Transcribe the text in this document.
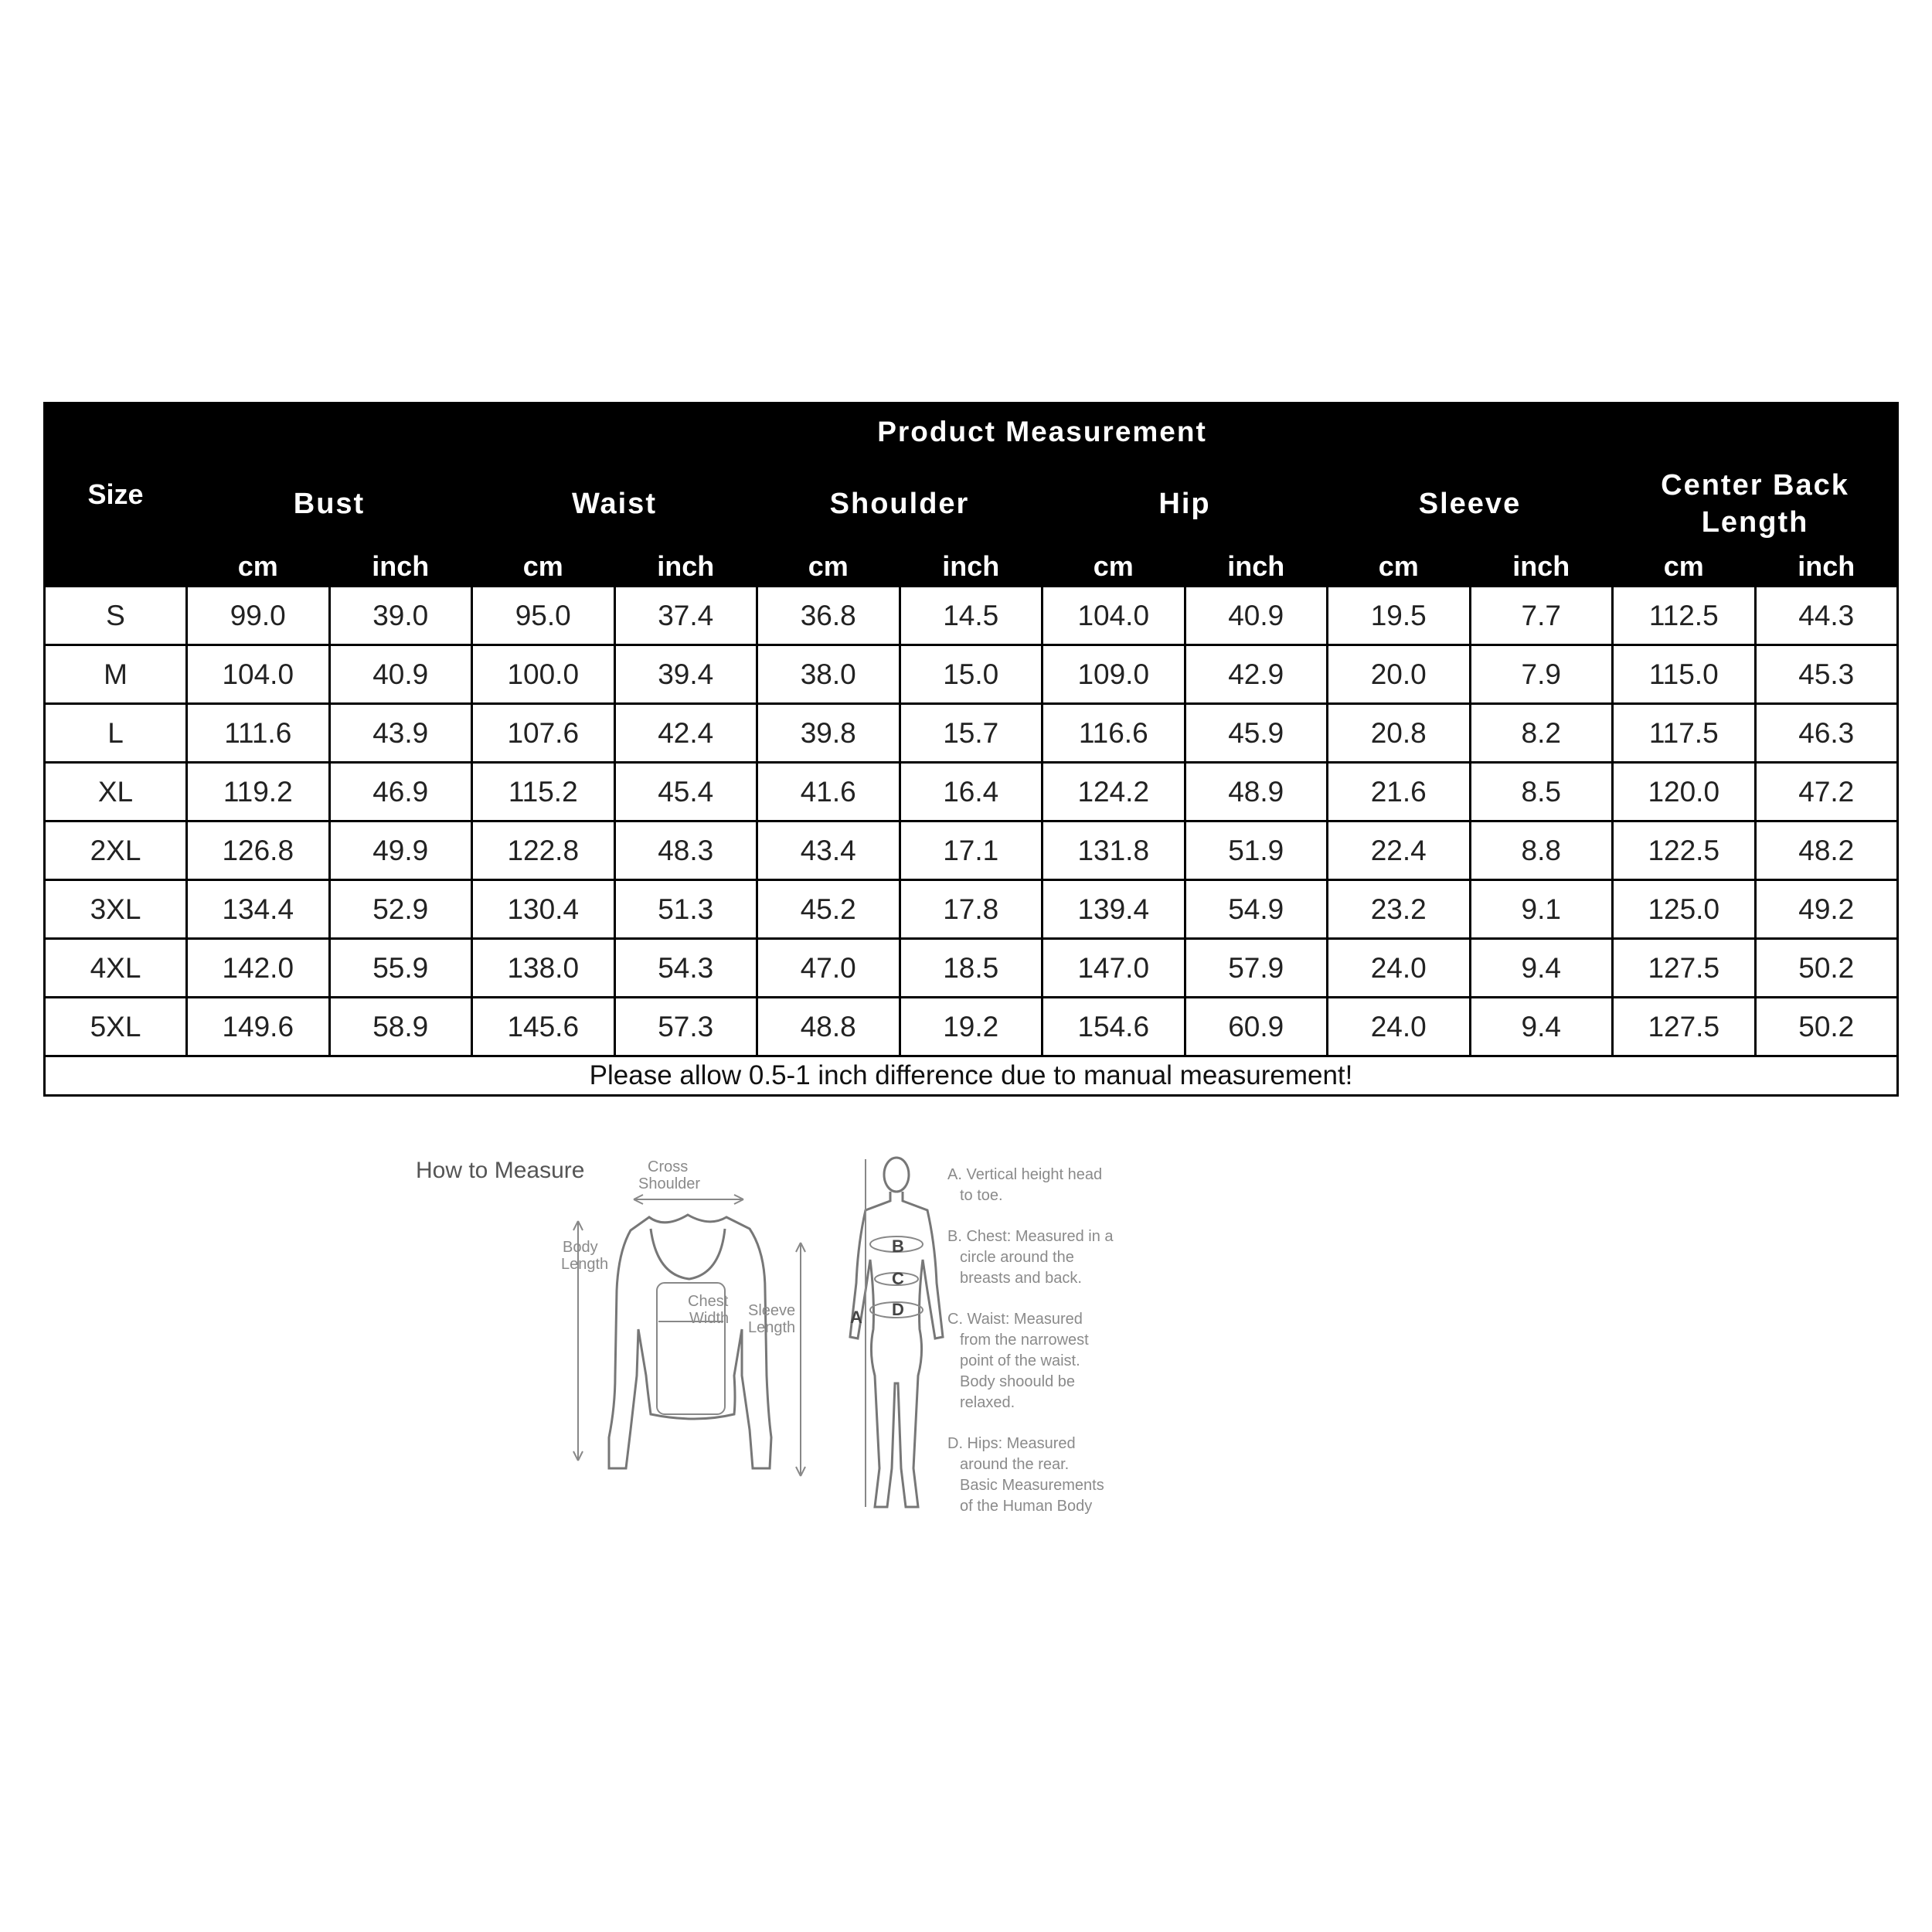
Size	Product Measurement											
	Bust		Waist		Shoulder		Hip		Sleeve		Center Back Length	
	cm	inch	cm	inch	cm	inch	cm	inch	cm	inch	cm	inch
S	99.0	39.0	95.0	37.4	36.8	14.5	104.0	40.9	19.5	7.7	112.5	44.3
M	104.0	40.9	100.0	39.4	38.0	15.0	109.0	42.9	20.0	7.9	115.0	45.3
L	111.6	43.9	107.6	42.4	39.8	15.7	116.6	45.9	20.8	8.2	117.5	46.3
XL	119.2	46.9	115.2	45.4	41.6	16.4	124.2	48.9	21.6	8.5	120.0	47.2
2XL	126.8	49.9	122.8	48.3	43.4	17.1	131.8	51.9	22.4	8.8	122.5	48.2
3XL	134.4	52.9	130.4	51.3	45.2	17.8	139.4	54.9	23.2	9.1	125.0	49.2
4XL	142.0	55.9	138.0	54.3	47.0	18.5	147.0	57.9	24.0	9.4	127.5	50.2
5XL	149.6	58.9	145.6	57.3	48.8	19.2	154.6	60.9	24.0	9.4	127.5	50.2
Please allow 0.5-1 inch difference due to manual measurement!												
How to Measure	Cross
Shoulder
Body
Length
Chest
Width Sleeve
Length
B
C
D
A
A. Vertical height head
to toe.
B. Chest: Measured in a
circle around the
breasts and back.
C. Waist: Measured
from the narrowest
point of the waist.
Body shoould be
relaxed.
D. Hips: Measured
around the rear.
Basic Measurements
of the Human Body
